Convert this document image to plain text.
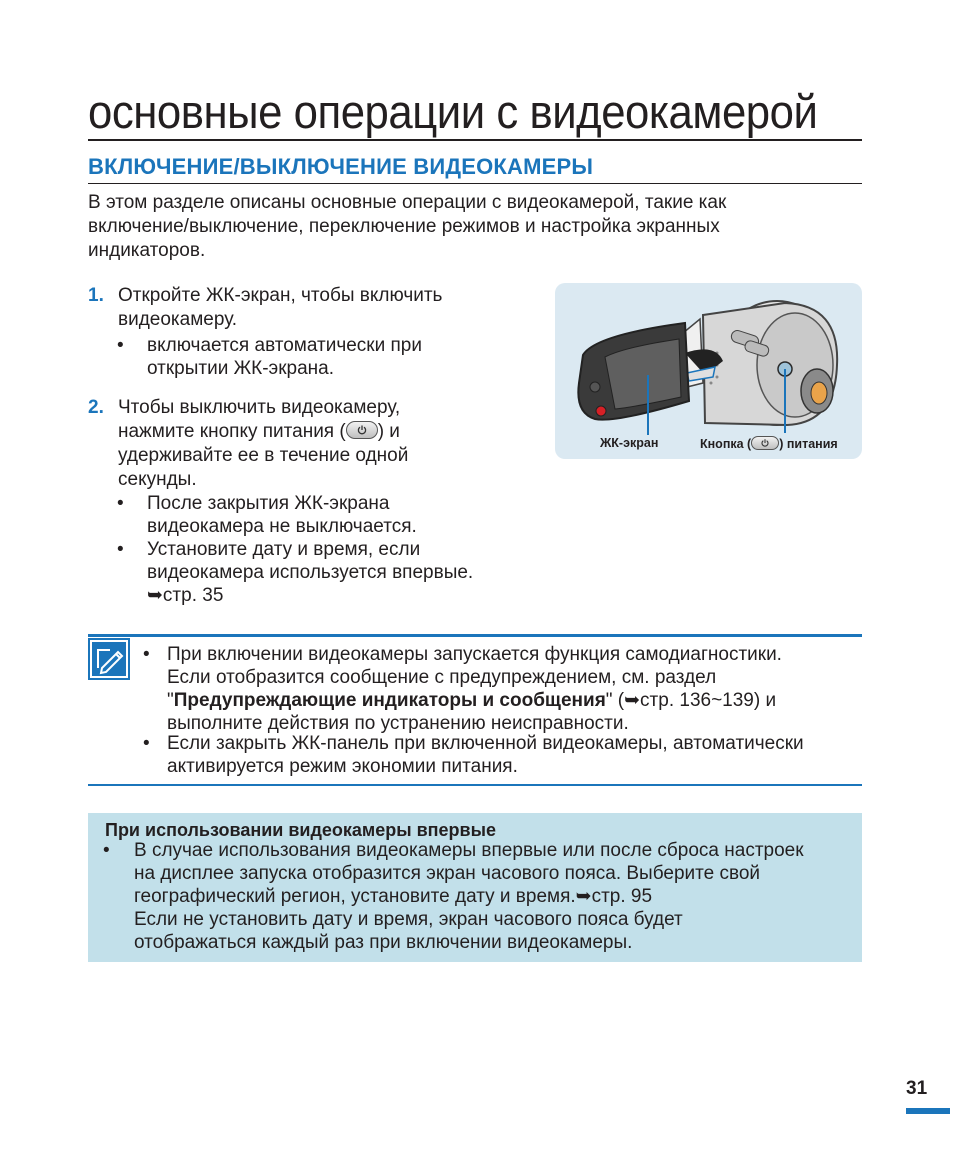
основные операции с видеокамерой
ВКЛЮЧЕНИЕ/ВЫКЛЮЧЕНИЕ ВИДЕОКАМЕРЫ
В этом разделе описаны основные операции с видеокамерой, такие как
включение/выключение, переключение режимов и настройка экранных
индикаторов.
1. Откройте ЖК-экран, чтобы включить
видеокамеру.
• включается автоматически при
открытии ЖК-экрана.
2. Чтобы выключить видеокамеру,
нажмите кнопку питания ( ) и
удерживайте ее в течение одной
секунды.
• После закрытия ЖК-экрана
видеокамера не выключается.
• Установите дату и время, если
видеокамера используется впервые.
➥стр. 35
ЖК-экран	Кнопка ( ) питания
• При включении видеокамеры запускается функция самодиагностики.
Если отобразится сообщение с предупреждением, см. раздел
"Предупреждающие индикаторы и сообщения" (➥стр. 136~139) и
выполните действия по устранению неисправности.
• Если закрыть ЖК-панель при включенной видеокамеры, автоматически
активируется режим экономии питания.
При использовании видеокамеры впервые
• В случае использования видеокамеры впервые или после сброса настроек
на дисплее запуска отобразится экран часового пояса. Выберите свой
географический регион, установите дату и время.➥стр. 95
Если не установить дату и время, экран часового пояса будет
отображаться каждый раз при включении видеокамеры.
31
